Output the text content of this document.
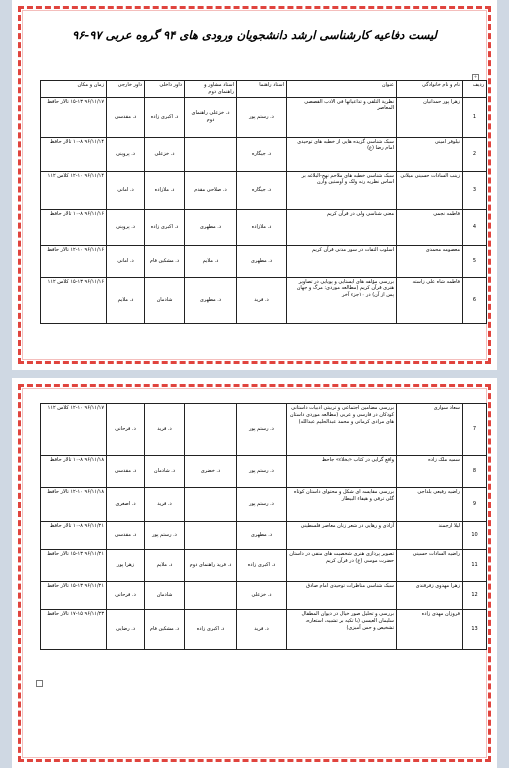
لیست دفاعیه کارشناسی ارشد دانشجویان ورودی های ۹۴ گروه عربی ۹۷-۹۶
+
ردیف	نام و نام خانوادگی	عنوان	استاد راهنما	استاد مشاور و راهنمای دوم	داور داخلی	داور خارجی	زمان و مکان
1	زهرا پور حمدانیان	نظریة التلقی و تداعیاتها فی الادب القصصی المعاصر	د. رستم پور	د. خزعلی راهنمای دوم	د. اکبری زاده	د. مقدسی	۹۶/۱۱/۱۷ ۱۵-۱۳ تالار حافظ
2	نیلوفر امینی	سبک شناسی گزیده هایی از خطبه های توحیدی امام رضا (ع)	د. جیگاره		د. خزعلی	د. پروینی	۹۶/۱۱/۱۴ ۱۰-۸ تالار حافظ
3	زینب السادات حسینی میلانی	سبک شناسی خطبه های ملاحم نهج-البلاغه بر اساس نظریه رنه ولک و آوستین وارن	د. جیگاره	د. صلاحی مقدم	د. ملازاده	د. امانی	۹۶/۱۱/۱۴ ۱۲-۱۰ کلاس ۱۱۲
4	فاطمه نجمی	معنی شناسی ولی در قرآن کریم	د. ملازاده	د. مطهری	د. اکبری زاده	د. پروینی	۹۶/۱۱/۱۶ ۱۰-۸ تالار حافظ
5	معصومه محمدی	اسلوب التفات در سور مدنی قرآن کریم	د. مطهری	د. ملایم	د. مشکین فام	د. امانی	۹۶/۱۱/۱۶ ۱۲-۱۰ تالار حافظ
6	فاطمه شاه علی زاسته	بررسی مؤلفه های ایستایی و پویایی در تصاویر هنری قرآن کریم (مطالعه موردی: مرگ و جهان پس از آن) در ۱۰جزء آخر	د. فرید	د. مطهری	شادمان	د. ملایم	۹۶/۱۱/۱۶ ۱۵-۱۳ کلاس ۱۱۲
7	سعاد سواری	بررسی مضامین اجتماعی و تربیتی ادبیات داستانی کودکان در فارسی و عربی (مطالعه موردی داستان های مرادی کرمانی و محمد عبدالحلیم عبدالله)	د. رستم پور		د. فرید	د. فرحانی	۹۶/۱۱/۱۷ ۱۲-۱۰ کلاس ۱۱۲
8	سمیه ملک زاده	واقع گرایی در کتاب «بخلاء» جاحظ	د. رستم پور	د. خضری	د. شادمان	د. مقدسی	۹۶/۱۱/۱۸ ۱۰-۸ تالار حافظ
9	راضیه رفیعی بلداجی	بررسی مقایسه ای شکل و محتوای داستان کوتاه گلی ترقی و هیفاء البیطار	د. رستم پور		د. فرید	د. اصغری	۹۶/۱۱/۱۸ ۱۲-۱۰ تالار حافظ
10	لیلا ارجمند	آزادی و رهایی در شعر زنان معاصر فلسطینی	د. مطهری		د. رستم پور	د. مقدسی	۹۶/۱۱/۲۱ ۱۰-۸ تالار حافظ
11	راضیه السادات حسینی	تصویر پردازی هنری شخصیت های منفی در داستان حضرت موسی (ع) در قرآن کریم	د. اکبری زاده	د. فرید راهنمای دوم	د. ملایم	زهرا پور	۹۶/۱۱/۲۱ ۱۵-۱۳ تالار حافظ
12	زهرا مهدوی زفرقندی	سبک شناسی مناظرات توحیدی امام صادق	د. خزعلی		شادمان	د. فرحانی	۹۶/۱۱/۲۱ ۱۵-۱۳ تالار حافظ
13	فروزان مهدی زاده	بررسی و تحلیل صور خیال در دیوان المطفال سلیمان العیسی (با تکیه بر تشبیه، استعاره، تشخیص و حس آمیزی)	د. فرید	د. اکبری زاده	د. مشکین فام	د. رضایی	۹۶/۱۱/۲۳ ۱۷-۱۵ تالار حافظ
